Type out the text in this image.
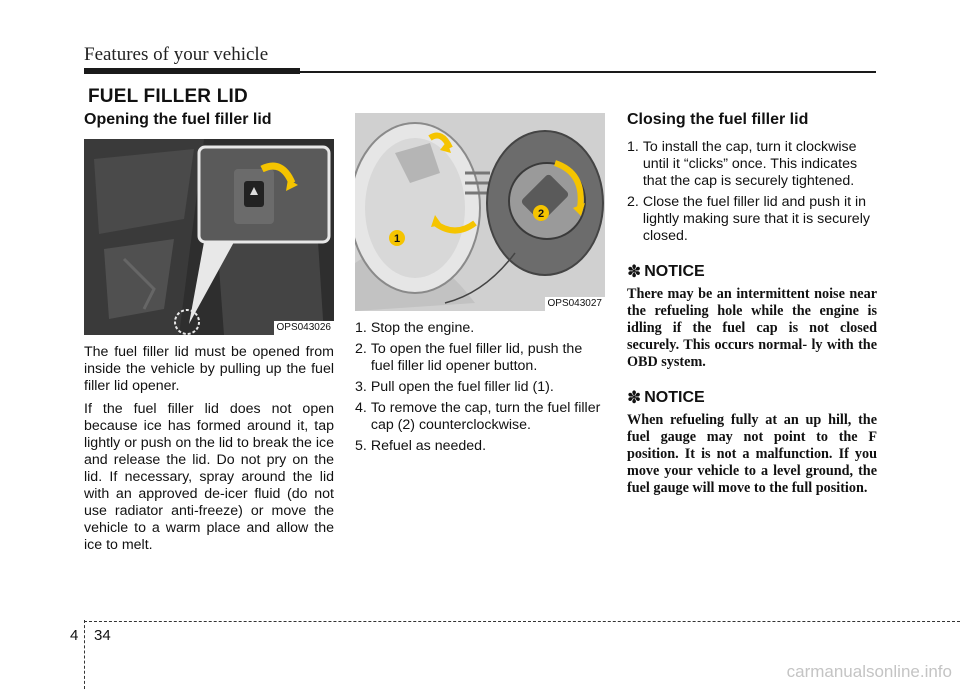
Features of your vehicle
FUEL FILLER LID
Opening the fuel filler lid
OPS043026

The fuel filler lid must be opened from inside the vehicle by pulling up the fuel filler lid opener.

If the fuel filler lid does not open because ice has formed around it, tap lightly or push on the lid to break the ice and release the lid. Do not pry on the lid. If necessary, spray around the lid with an approved de-icer fluid (do not use radiator anti-freeze) or move the vehicle to a warm place and allow the ice to melt.

1
2
OPS043027
1. Stop the engine.
2. To open the fuel filler lid, push the fuel filler lid opener button.
3. Pull open the fuel filler lid (1).
4. To remove the cap, turn the fuel filler cap (2) counterclockwise.
5. Refuel as needed.
Closing the fuel filler lid
1. To install the cap, turn it clockwise until it “clicks” once. This indicates that the cap is securely tightened.
2. Close the fuel filler lid and push it in lightly making sure that it is securely closed.
✽ NOTICE

There may be an intermittent noise near the refueling hole while the engine is idling if the fuel cap is not closed securely. This occurs normal- ly with the OBD system.

✽ NOTICE

When refueling fully at an up hill, the fuel gauge may not point to the F position. It is not a malfunction. If you move your vehicle to a level ground, the fuel gauge will move to the full position.

4 34
carmanualsonline.info
